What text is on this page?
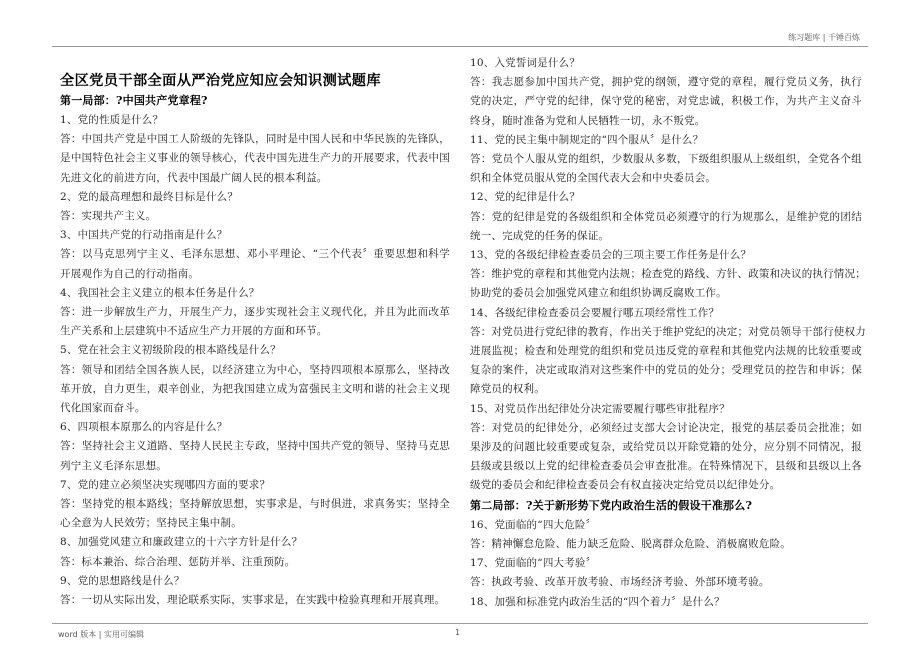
练习题库 | 千锤百炼
全区党员干部全面从严治党应知应会知识测试题库
第一局部：?中国共产党章程?
1、党的性质是什么？
答：中国共产党是中国工人阶级的先锋队，同时是中国人民和中华民族的先锋队，
是中国特色社会主义事业的领导核心，代表中国先进生产力的开展要求，代表中国
先进文化的前进方向，代表中国最广阔人民的根本利益。
2、党的最高理想和最终目标是什么？
答：实现共产主义。
3、中国共产党的行动指南是什么？
答：以马克思列宁主义、毛泽东思想、邓小平理论、“三个代表〞重要思想和科学
开展观作为自己的行动指南。
4、我国社会主义建立的根本任务是什么？
答：进一步解放生产力，开展生产力，逐步实现社会主义现代化，并且为此而改革
生产关系和上层建筑中不适应生产力开展的方面和环节。
5、党在社会主义初级阶段的根本路线是什么？
答：领导和团结全国各族人民，以经济建立为中心，坚持四项根本原那么，坚持改
革开放，自力更生，艰辛创业，为把我国建立成为富强民主文明和谐的社会主义现
代化国家而奋斗。
6、四项根本原那么的内容是什么？
答：坚持社会主义道路、坚持人民民主专政，坚持中国共产党的领导、坚持马克思
列宁主义毛泽东思想。
7、党的建立必须坚决实现哪四方面的要求？
答：坚持党的根本路线；坚持解放思想，实事求是，与时俱进，求真务实；坚持全
心全意为人民效劳；坚持民主集中制。
8、加强党风建立和廉政建立的十六字方针是什么？
答：标本兼治、综合治理、惩防并举、注重预防。
9、党的思想路线是什么？
答：一切从实际出发，理论联系实际，实事求是，在实践中检验真理和开展真理。
10、入党誓词是什么？
答：我志愿参加中国共产党，拥护党的纲领，遵守党的章程，履行党员义务，执行
党的决定，严守党的纪律，保守党的秘密，对党忠诚，积极工作，为共产主义奋斗
终身，随时准备为党和人民牺牲一切，永不叛党。
11、党的民主集中制规定的“四个服从〞是什么？
答：党员个人服从党的组织，少数服从多数，下级组织服从上级组织，全党各个组
织和全体党员服从党的全国代表大会和中央委员会。
12、党的纪律是什么？
答：党的纪律是党的各级组织和全体党员必须遵守的行为规那么，是维护党的团结
统一、完成党的任务的保证。
13、党的各级纪律检查委员会的三项主要工作任务是什么？
答：维护党的章程和其他党内法规；检查党的路线、方针、政策和决议的执行情况；
协助党的委员会加强党风建立和组织协调反腐败工作。
14、各级纪律检查委员会要履行哪五项经常性工作？
答：对党员进行党纪律的教育，作出关于维护党纪的决定；对党员领导干部行使权力
进展监视；检查和处理党的组织和党员违反党的章程和其他党内法规的比较重要或
复杂的案件，决定或取消对这些案件中的党员的处分；受理党员的控告和申诉；保
障党员的权利。
15、对党员作出纪律处分决定需要履行哪些审批程序？
答：对党员的纪律处分，必须经过支部大会讨论决定，报党的基层委员会批准；如
果涉及的问题比较重要或复杂，或给党员以开除党籍的处分，应分别不同情况，报
县级或县级以上党的纪律检查委员会审查批准。在特殊情况下，县级和县级以上各
级党的委员会和纪律检查委员会有权直接决定给党员以纪律处分。
第二局部：?关于新形势下党内政治生活的假设干准那么?
16、党面临的“四大危险〞
答：精神懈怠危险、能力缺乏危险、脱离群众危险、消极腐败危险。
17、党面临的“四大考验〞
答：执政考验、改革开放考验、市场经济考验、外部环境考验。
18、加强和标准党内政治生活的“四个着力〞是什么？
word 版本 | 实用可编辑	1
